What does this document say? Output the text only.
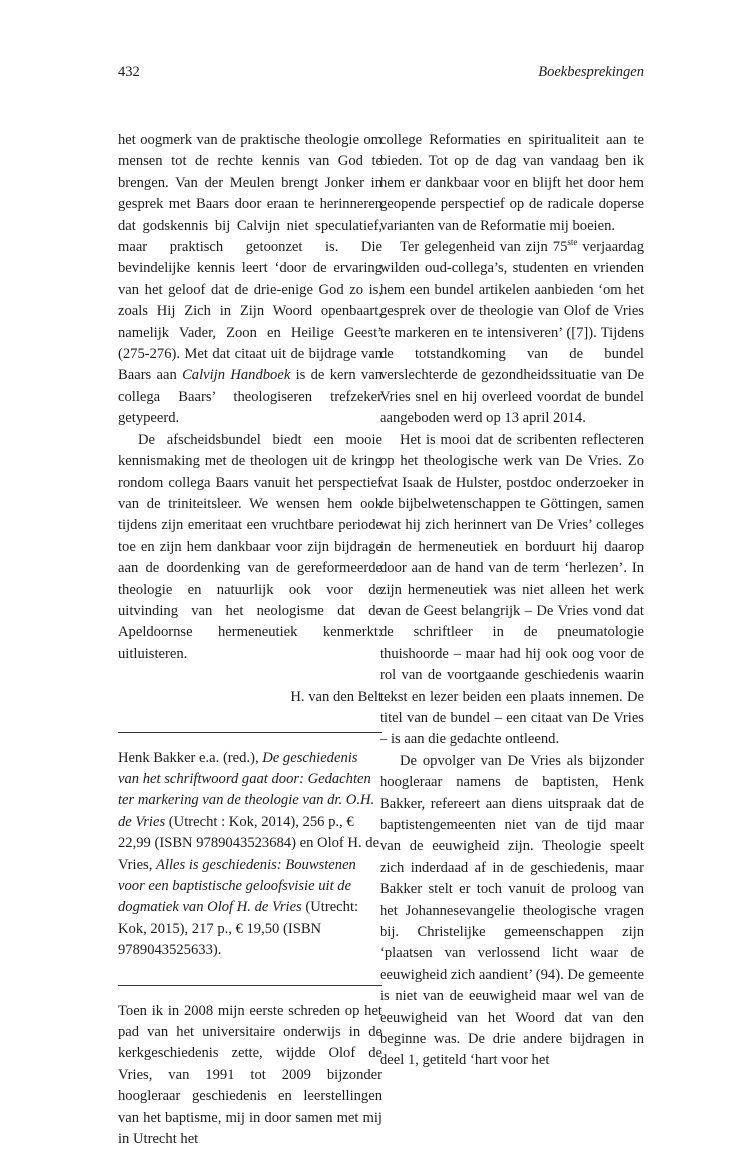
432	Boekbesprekingen

het oogmerk van de praktische theologie om mensen tot de rechte kennis van God te brengen. Van der Meulen brengt Jonker in gesprek met Baars door eraan te herinneren dat godskennis bij Calvijn niet speculatief, maar praktisch getoonzet is. Die bevindelijke kennis leert ‘door de ervaring van het geloof dat de drie-enige God zo is, zoals Hij Zich in Zijn Woord openbaart, namelijk Vader, Zoon en Heilige Geest’ (275-276). Met dat citaat uit de bijdrage van Baars aan Calvijn Handboek is de kern van collega Baars’ theologiseren trefzeker getypeerd.

De afscheidsbundel biedt een mooie kennismaking met de theologen uit de kring rondom collega Baars vanuit het perspectief van de triniteitsleer. We wensen hem ook tijdens zijn emeritaat een vruchtbare periode toe en zijn hem dankbaar voor zijn bijdrage aan de doordenking van de gereformeerde theologie en natuurlijk ook voor de uitvinding van het neologisme dat de Apeldoornse hermeneutiek kenmerkt: uitluisteren.

H. van den Belt

Henk Bakker e.a. (red.), De geschiedenis van het schriftwoord gaat door: Gedachten ter markering van de theologie van dr. O.H. de Vries (Utrecht : Kok, 2014), 256 p., € 22,99 (ISBN 9789043523684) en Olof H. de Vries, Alles is geschiedenis: Bouwstenen voor een baptistische geloofsvisie uit de dogmatiek van Olof H. de Vries (Utrecht: Kok, 2015), 217 p., € 19,50 (ISBN 9789043525633).

Toen ik in 2008 mijn eerste schreden op het pad van het universitaire onderwijs in de kerkgeschiedenis zette, wijdde Olof de Vries, van 1991 tot 2009 bijzonder hoogleraar geschiedenis en leerstellingen van het baptisme, mij in door samen met mij in Utrecht het

college Reformaties en spiritualiteit aan te bieden. Tot op de dag van vandaag ben ik hem er dankbaar voor en blijft het door hem geopende perspectief op de radicale doperse varianten van de Reformatie mij boeien.

Ter gelegenheid van zijn 75ste verjaardag wilden oud-collega’s, studenten en vrienden hem een bundel artikelen aanbieden ‘om het gesprek over de theologie van Olof de Vries te markeren en te intensiveren’ ([7]). Tijdens de totstandkoming van de bundel verslechterde de gezondheidssituatie van De Vries snel en hij overleed voordat de bundel aangeboden werd op 13 april 2014.

Het is mooi dat de scribenten reflecteren op het theologische werk van De Vries. Zo vat Isaak de Hulster, postdoc onderzoeker in de bijbelwetenschappen te Göttingen, samen wat hij zich herinnert van De Vries’ colleges in de hermeneutiek en borduurt hij daarop door aan de hand van de term ‘herlezen’. In zijn hermeneutiek was niet alleen het werk van de Geest belangrijk – De Vries vond dat de schriftleer in de pneumatologie thuishoorde – maar had hij ook oog voor de rol van de voortgaande geschiedenis waarin tekst en lezer beiden een plaats innemen. De titel van de bundel – een citaat van De Vries – is aan die gedachte ontleend.

De opvolger van De Vries als bijzonder hoogleraar namens de baptisten, Henk Bakker, refereert aan diens uitspraak dat de baptistengemeenten niet van de tijd maar van de eeuwigheid zijn. Theologie speelt zich inderdaad af in de geschiedenis, maar Bakker stelt er toch vanuit de proloog van het Johannesevangelie theologische vragen bij. Christelijke gemeenschappen zijn ‘plaatsen van verlossend licht waar de eeuwigheid zich aandient’ (94). De gemeente is niet van de eeuwigheid maar wel van de eeuwigheid van het Woord dat van den beginne was. De drie andere bijdragen in deel 1, getiteld ‘hart voor het
